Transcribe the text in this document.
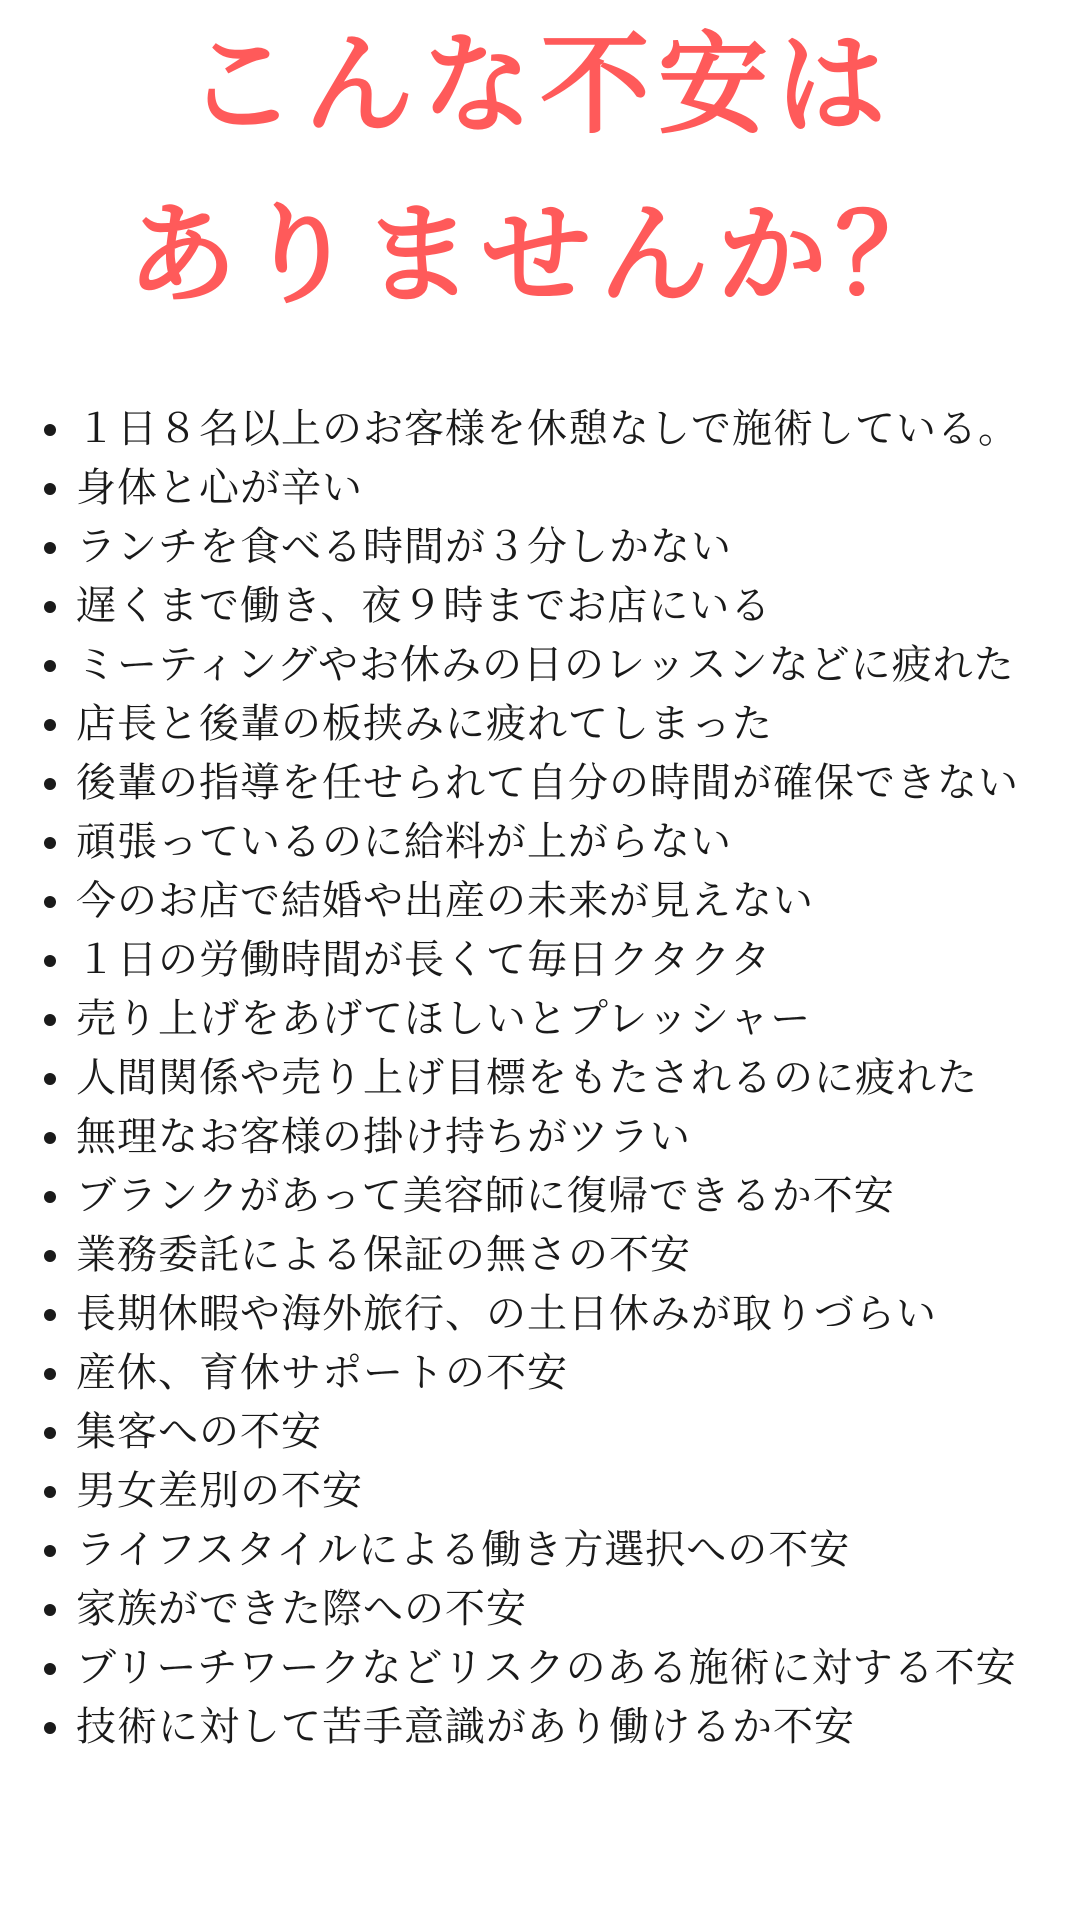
こんな不安は
ありませんか？
１日８名以上のお客様を休憩なしで施術している。
身体と心が辛い
ランチを食べる時間が３分しかない
遅くまで働き、夜９時までお店にいる
ミーティングやお休みの日のレッスンなどに疲れた
店長と後輩の板挟みに疲れてしまった
後輩の指導を任せられて自分の時間が確保できない
頑張っているのに給料が上がらない
今のお店で結婚や出産の未来が見えない
１日の労働時間が長くて毎日クタクタ
売り上げをあげてほしいとプレッシャー
人間関係や売り上げ目標をもたされるのに疲れた
無理なお客様の掛け持ちがツラい
ブランクがあって美容師に復帰できるか不安
業務委託による保証の無さの不安
長期休暇や海外旅行、の土日休みが取りづらい
産休、育休サポートの不安
集客への不安
男女差別の不安
ライフスタイルによる働き方選択への不安
家族ができた際への不安
ブリーチワークなどリスクのある施術に対する不安
技術に対して苦手意識があり働けるか不安
